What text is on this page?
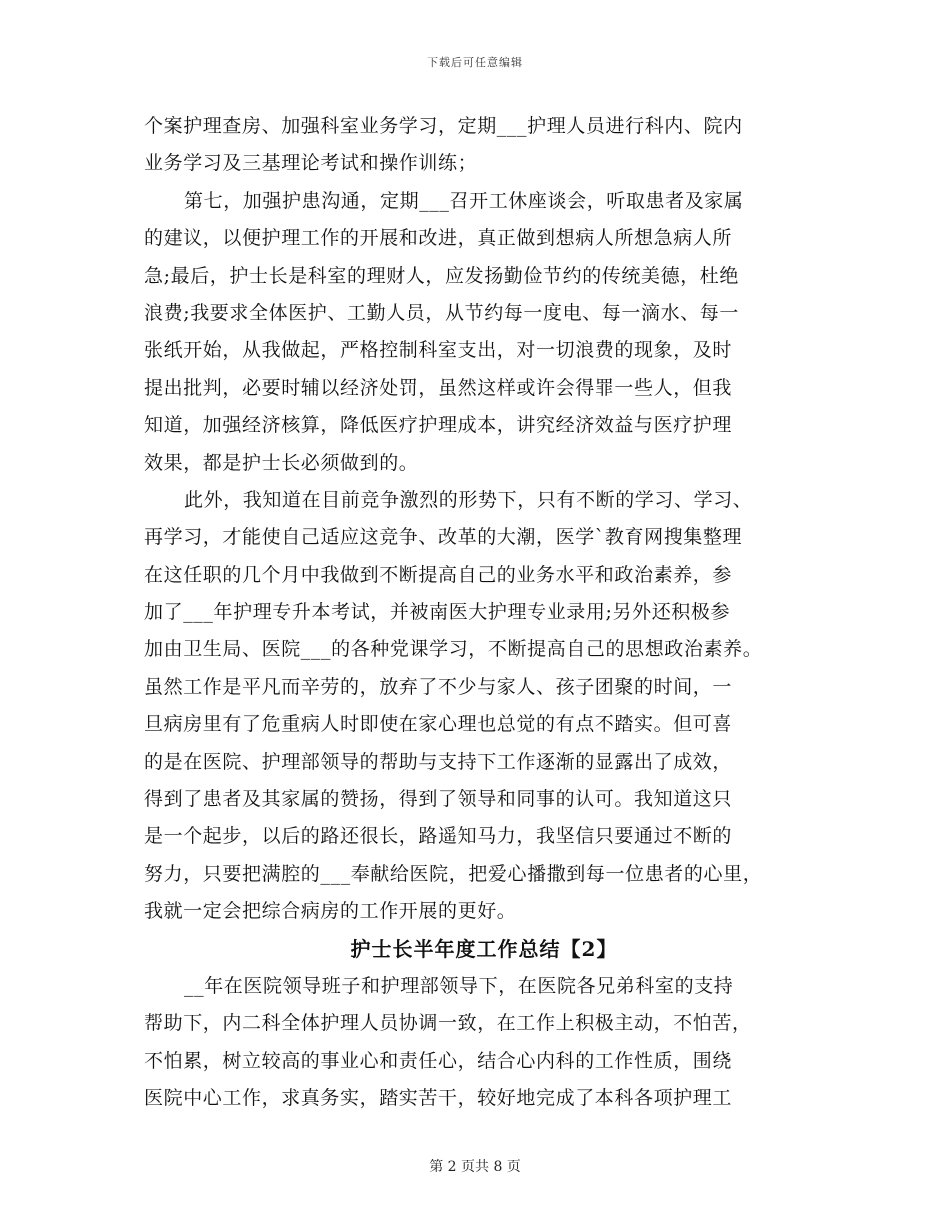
下载后可任意编辑
个案护理查房、加强科室业务学习，定期___护理人员进行科内、院内
业务学习及三基理论考试和操作训练；
第七，加强护患沟通，定期___召开工休座谈会，听取患者及家属
的建议，以便护理工作的开展和改进，真正做到想病人所想急病人所
急;最后，护士长是科室的理财人，应发扬勤俭节约的传统美德，杜绝
浪费;我要求全体医护、工勤人员，从节约每一度电、每一滴水、每一
张纸开始，从我做起，严格控制科室支出，对一切浪费的现象，及时
提出批判，必要时辅以经济处罚，虽然这样或许会得罪一些人，但我
知道，加强经济核算，降低医疗护理成本，讲究经济效益与医疗护理
效果，都是护士长必须做到的。
此外，我知道在目前竞争激烈的形势下，只有不断的学习、学习、
再学习，才能使自己适应这竞争、改革的大潮，医学`教育网搜集整理
在这任职的几个月中我做到不断提高自己的业务水平和政治素养，参
加了___年护理专升本考试，并被南医大护理专业录用;另外还积极参
加由卫生局、医院___的各种党课学习，不断提高自己的思想政治素养。
虽然工作是平凡而辛劳的，放弃了不少与家人、孩子团聚的时间，一
旦病房里有了危重病人时即使在家心理也总觉的有点不踏实。但可喜
的是在医院、护理部领导的帮助与支持下工作逐渐的显露出了成效，
得到了患者及其家属的赞扬，得到了领导和同事的认可。我知道这只
是一个起步，以后的路还很长，路遥知马力，我坚信只要通过不断的
努力，只要把满腔的___奉献给医院，把爱心播撒到每一位患者的心里，
我就一定会把综合病房的工作开展的更好。
护士长半年度工作总结【2】
__年在医院领导班子和护理部领导下，在医院各兄弟科室的支持
帮助下，内二科全体护理人员协调一致，在工作上积极主动，不怕苦，
不怕累，树立较高的事业心和责任心，结合心内科的工作性质，围绕
医院中心工作，求真务实，踏实苦干，较好地完成了本科各项护理工
第 2 页共 8 页
